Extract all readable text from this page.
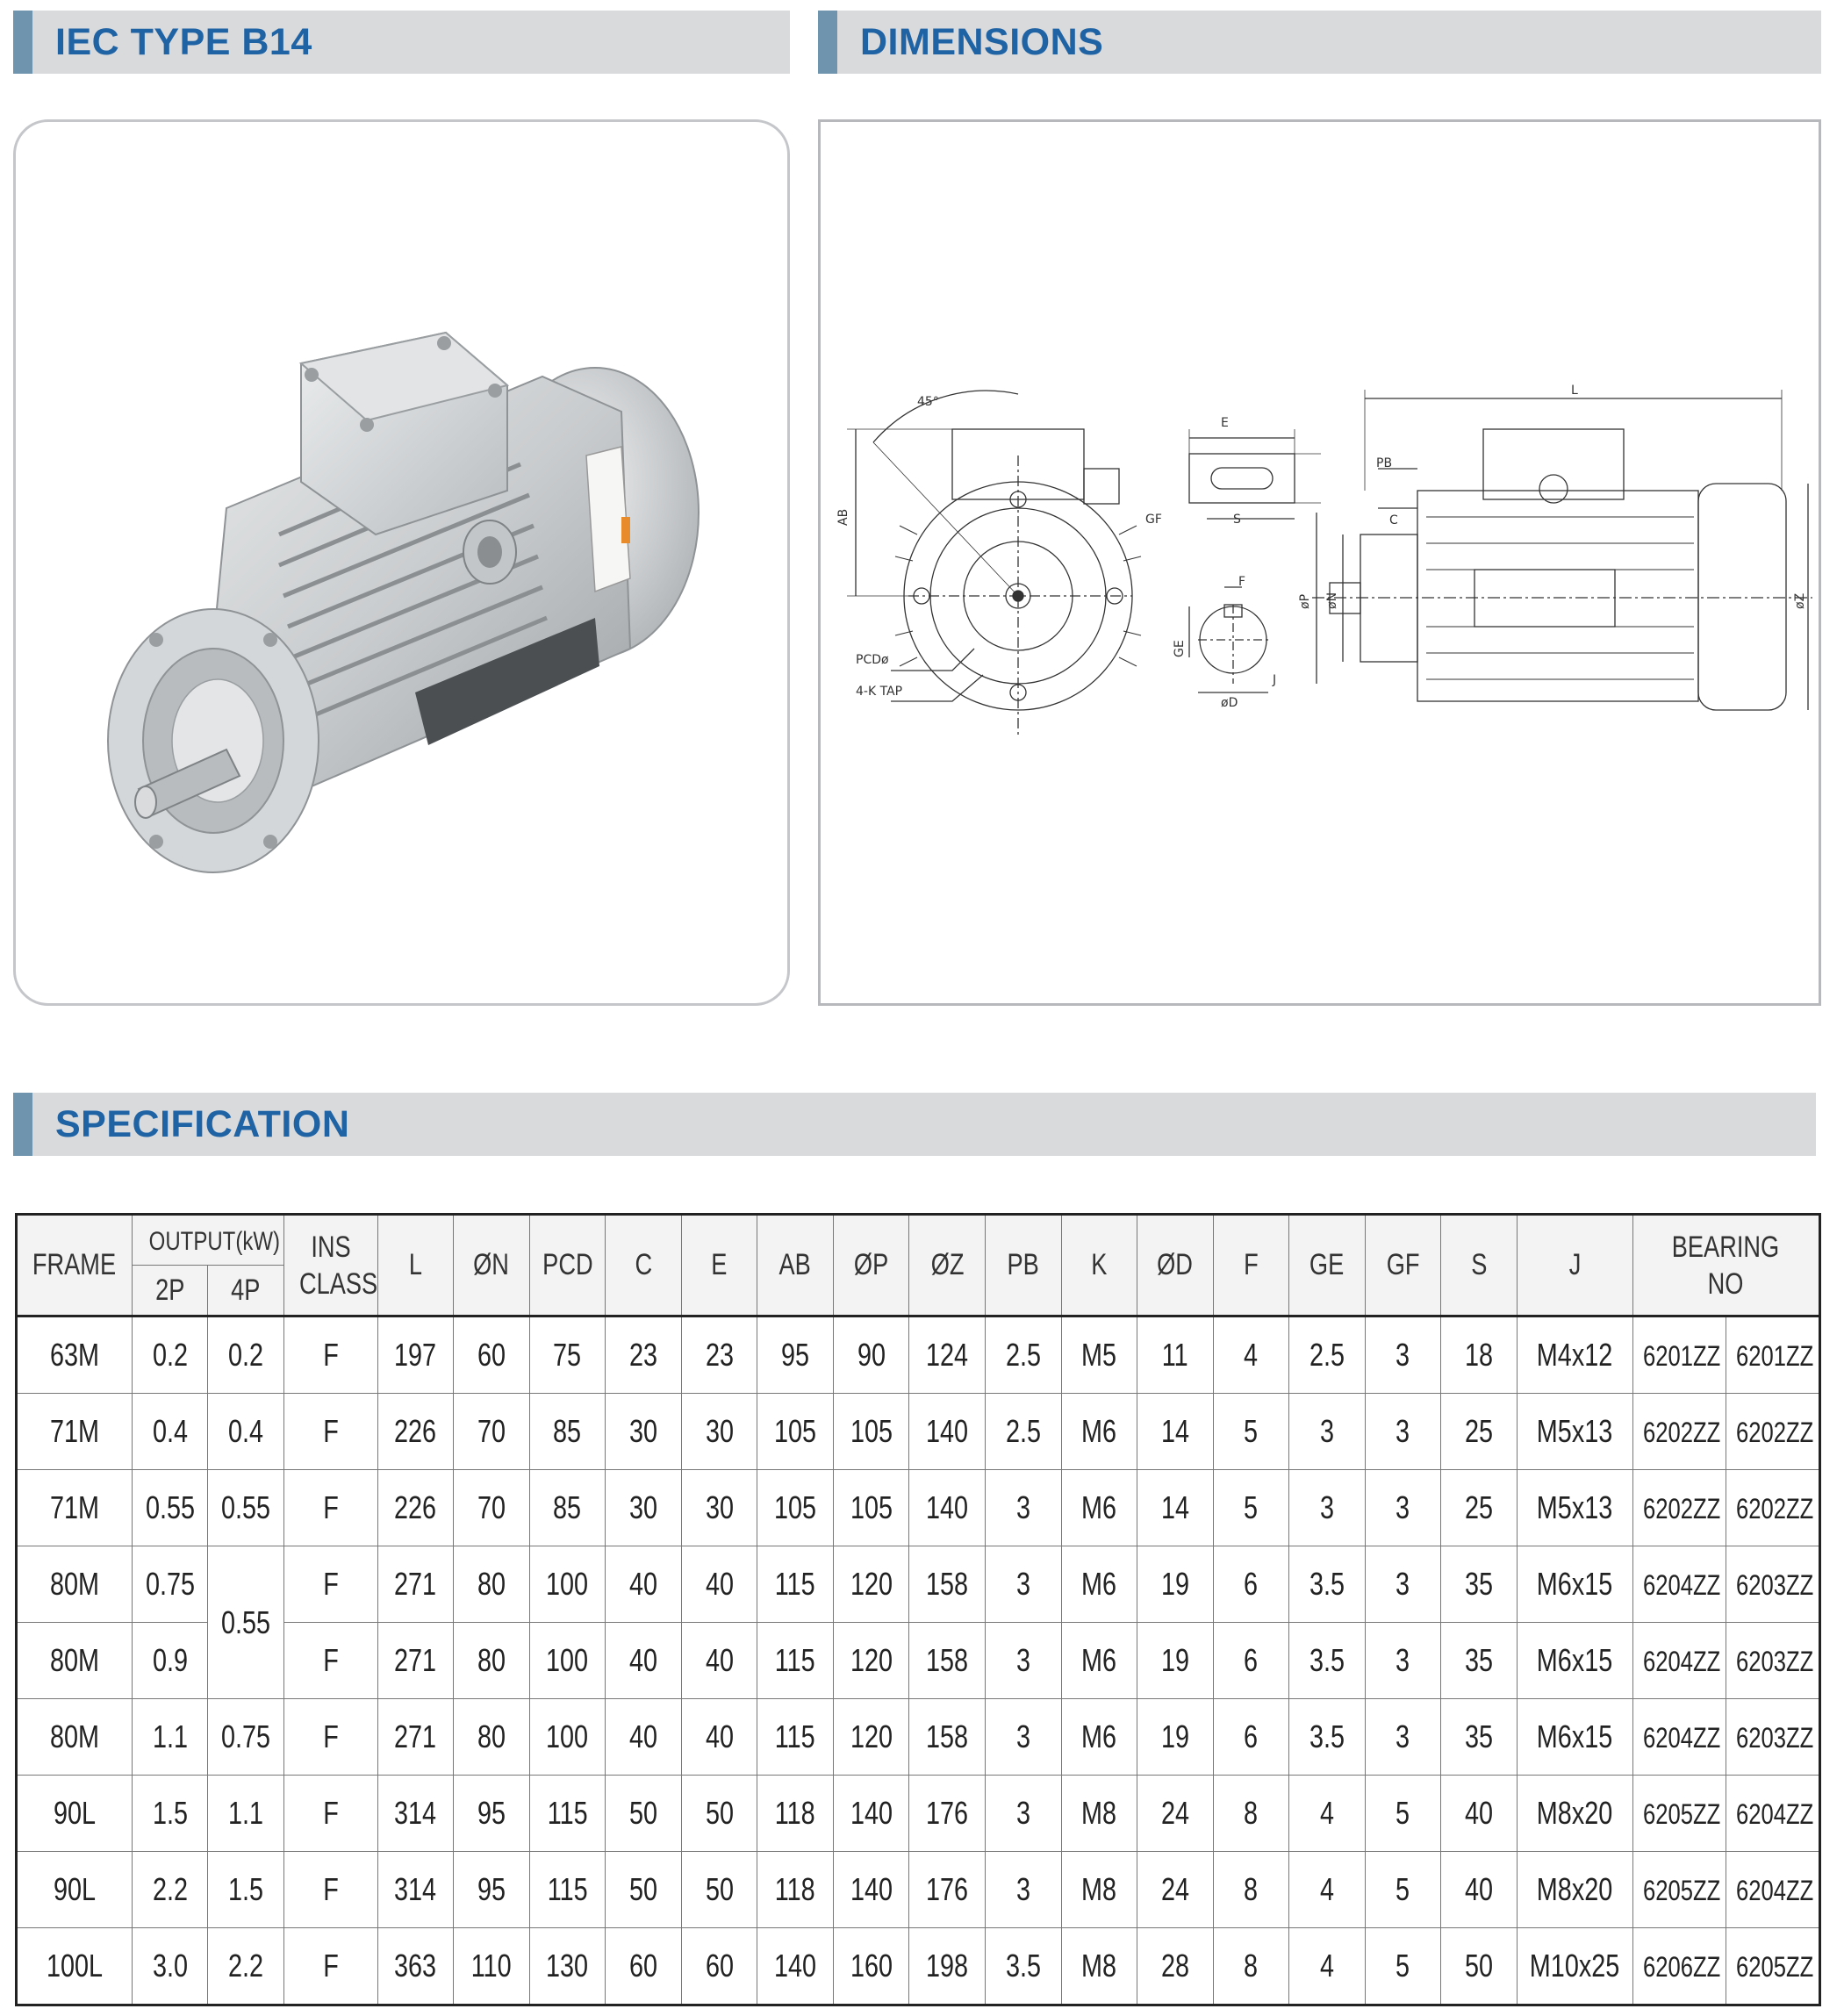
IEC TYPE B14	DIMENSIONS
SPECIFICATION
45°
AB
PCDø
4-K TAP
E
GF	S
F
GE
øD
J
L
PB
C
øP øN	øZ
FRAME	OUTPUT(kW)		INS CLASS	L	ØN	PCD	C	E	AB	ØP	ØZ	PB	K	ØD	F	GE	GF	S	J	BEARING NO	
	2P	4P																			
63M	0.2	0.2	F	197	60	75	23	23	95	90	124	2.5	M5	11	4	2.5	3	18	M4x12	6201ZZ	6201ZZ
71M	0.4	0.4	F	226	70	85	30	30	105	105	140	2.5	M6	14	5	3	3	25	M5x13	6202ZZ	6202ZZ
71M	0.55	0.55	F	226	70	85	30	30	105	105	140	3	M6	14	5	3	3	25	M5x13	6202ZZ	6202ZZ
80M	0.75	0.55	F	271	80	100	40	40	115	120	158	3	M6	19	6	3.5	3	35	M6x15	6204ZZ	6203ZZ
80M	0.9		F	271	80	100	40	40	115	120	158	3	M6	19	6	3.5	3	35	M6x15	6204ZZ	6203ZZ
80M	1.1	0.75	F	271	80	100	40	40	115	120	158	3	M6	19	6	3.5	3	35	M6x15	6204ZZ	6203ZZ
90L	1.5	1.1	F	314	95	115	50	50	118	140	176	3	M8	24	8	4	5	40	M8x20	6205ZZ	6204ZZ
90L	2.2	1.5	F	314	95	115	50	50	118	140	176	3	M8	24	8	4	5	40	M8x20	6205ZZ	6204ZZ
100L	3.0	2.2	F	363	110	130	60	60	140	160	198	3.5	M8	28	8	4	5	50	M10x25	6206ZZ	6205ZZ
